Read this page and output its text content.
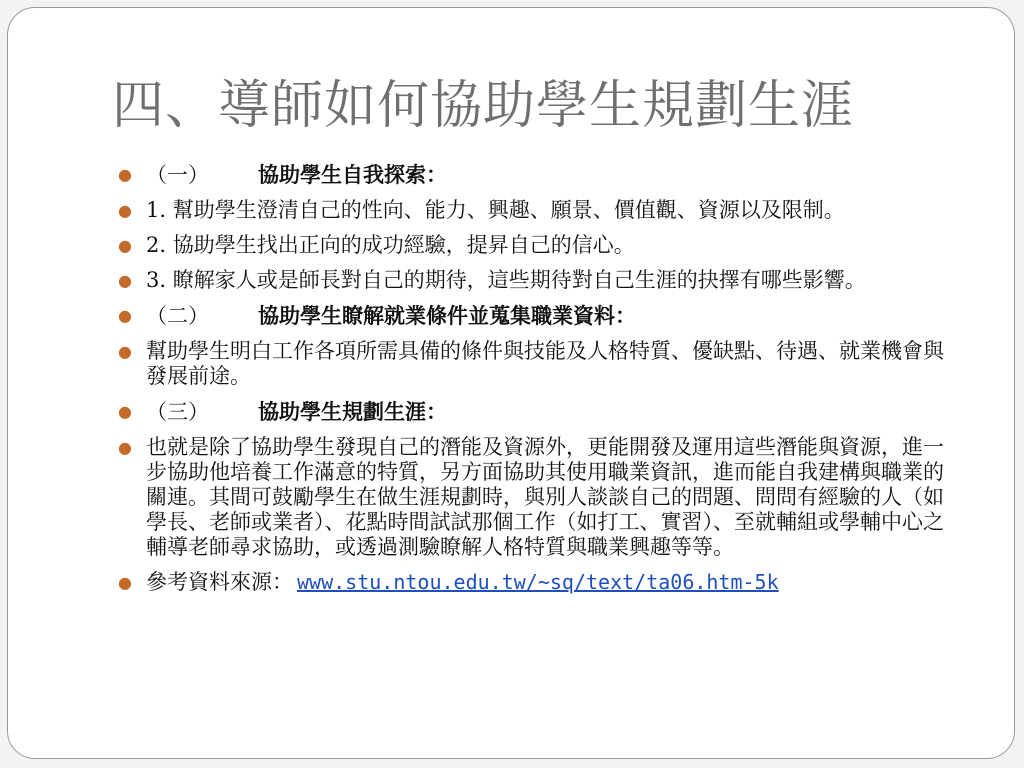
四、導師如何協助學生規劃生涯
● （一） 協助學生自我探索：
● 1. 幫助學生澄清自己的性向、能力、興趣、願景、價值觀、資源以及限制。
● 2. 協助學生找出正向的成功經驗，提昇自己的信心。
● 3. 瞭解家人或是師長對自己的期待，這些期待對自己生涯的抉擇有哪些影響。
● （二） 協助學生瞭解就業條件並蒐集職業資料：
● 幫助學生明白工作各項所需具備的條件與技能及人格特質、優缺點、待遇、就業機會與發展前途。
● （三） 協助學生規劃生涯：
● 也就是除了協助學生發現自己的潛能及資源外，更能開發及運用這些潛能與資源，進一步協助他培養工作滿意的特質，另方面協助其使用職業資訊，進而能自我建構與職業的關連。其間可鼓勵學生在做生涯規劃時，與別人談談自己的問題、問問有經驗的人（如學長、老師或業者）、花點時間試試那個工作（如打工、實習）、至就輔組或學輔中心之輔導老師尋求協助，或透過測驗瞭解人格特質與職業興趣等等。
● 參考資料來源： www.stu.ntou.edu.tw/~sq/text/ta06.htm-5k
